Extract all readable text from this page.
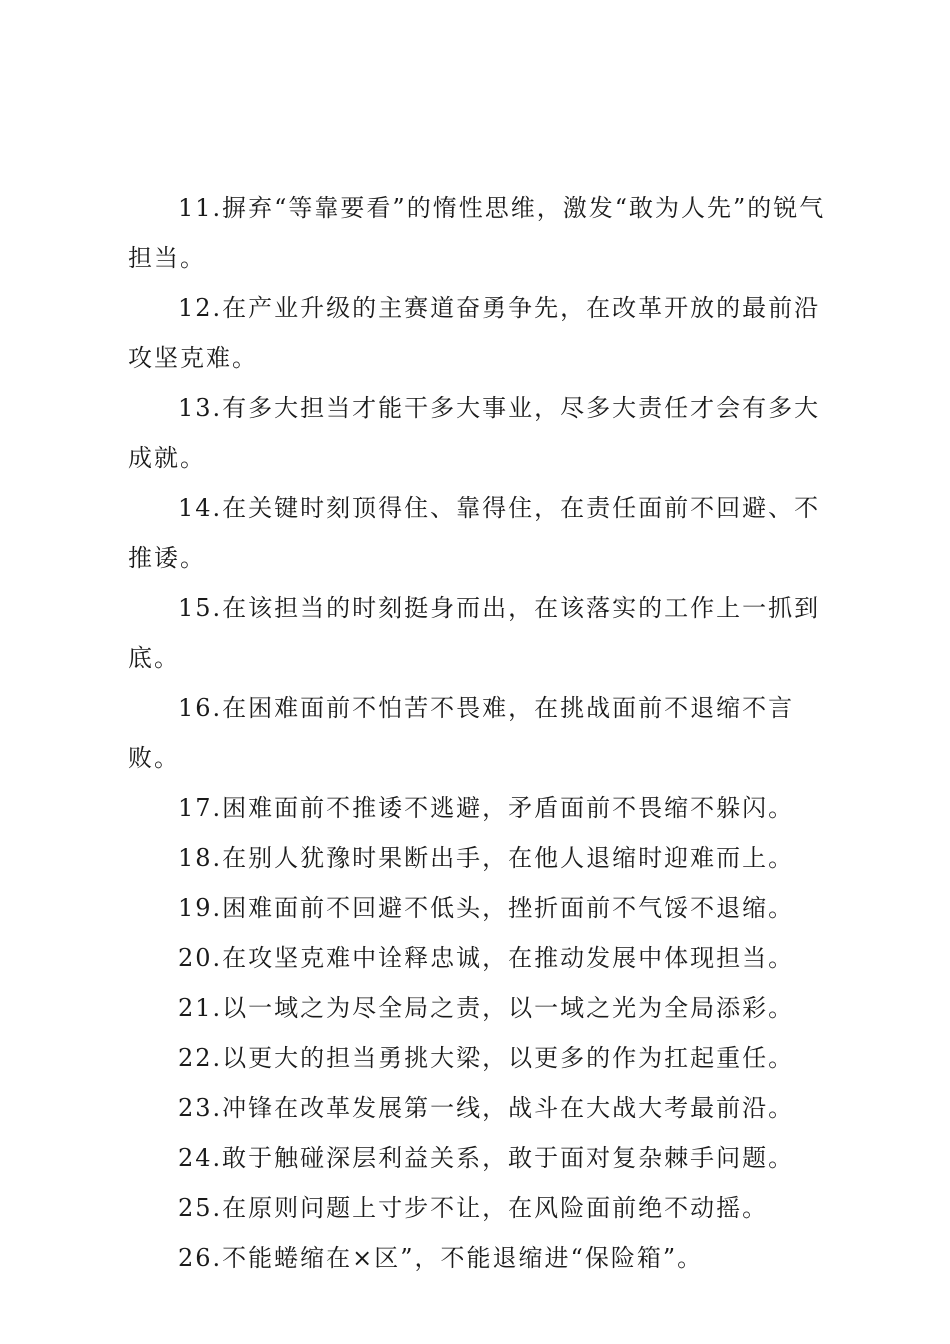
11.摒弃“等靠要看”的惰性思维，激发“敢为人先”的锐气担当。

12.在产业升级的主赛道奋勇争先，在改革开放的最前沿攻坚克难。

13.有多大担当才能干多大事业，尽多大责任才会有多大成就。

14.在关键时刻顶得住、靠得住，在责任面前不回避、不推诿。

15.在该担当的时刻挺身而出，在该落实的工作上一抓到底。

16.在困难面前不怕苦不畏难，在挑战面前不退缩不言败。

17.困难面前不推诿不逃避，矛盾面前不畏缩不躲闪。

18.在别人犹豫时果断出手，在他人退缩时迎难而上。

19.困难面前不回避不低头，挫折面前不气馁不退缩。

20.在攻坚克难中诠释忠诚，在推动发展中体现担当。

21.以一域之为尽全局之责，以一域之光为全局添彩。

22.以更大的担当勇挑大梁，以更多的作为扛起重任。

23.冲锋在改革发展第一线，战斗在大战大考最前沿。

24.敢于触碰深层利益关系，敢于面对复杂棘手问题。

25.在原则问题上寸步不让，在风险面前绝不动摇。

26.不能蜷缩在×区”，不能退缩进“保险箱”。
